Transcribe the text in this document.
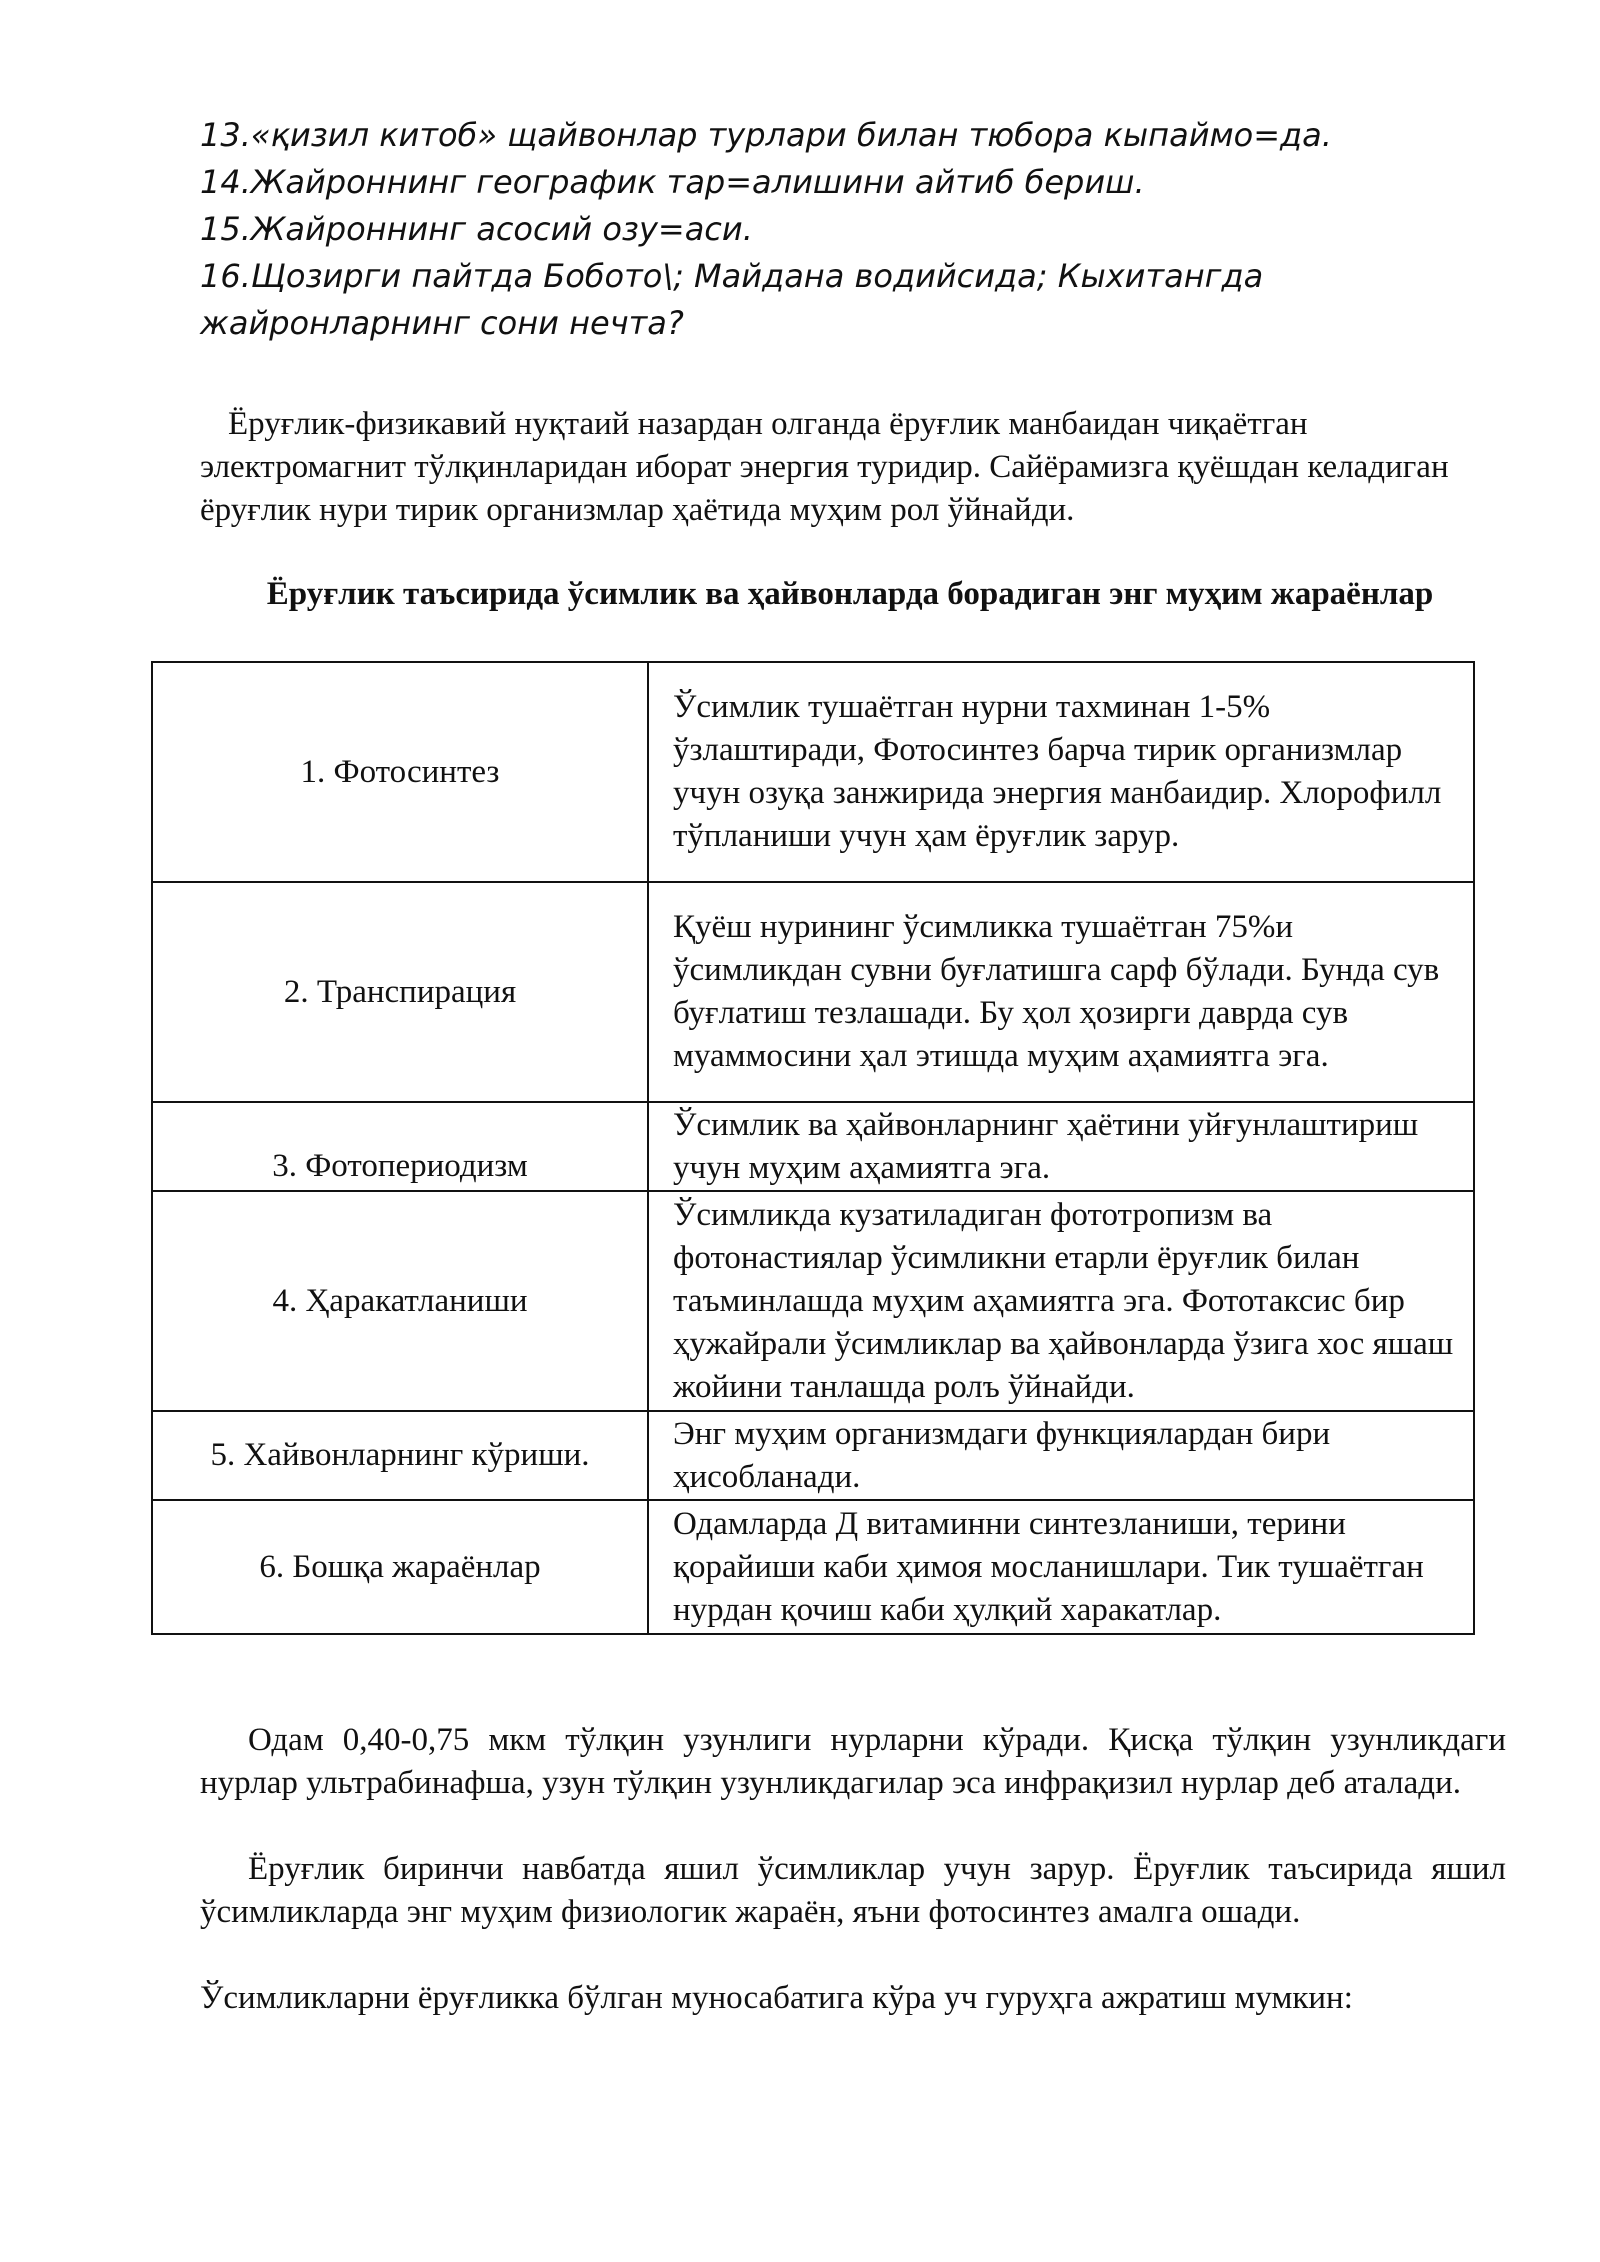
13.«қизил китоб» щайвонлар турлари билан тюбора кыпаймо=да.
14.Жайроннинг географик тар=алишини айтиб бериш.
15.Жайроннинг асосий озу=аси.
16.Щозирги пайтда Бобото\; Майдана водийсида; Кыхитангда жайронларнинг сони нечта?

Ёруғлик-физикавий нуқтаий назардан олганда ёруғлик манбаидан чиқаётган электромагнит тўлқинларидан иборат энергия туридир. Сайёрамизга қуёшдан келадиган ёруғлик нури тирик организмлар ҳаётида муҳим рол ўйнайди.

Ёруғлик таъсирида ўсимлик ва ҳайвонларда борадиган энг муҳим жараёнлар
1. Фотосинтез	Ўсимлик тушаётган нурни тахминан 1-5% ўзлаштиради, Фотосинтез барча тирик организмлар учун озуқа занжирида энергия манбаидир. Хлорофилл тўпланиши учун ҳам ёруғлик зарур.
2. Транспирация	Қуёш нурининг ўсимликка тушаётган 75%и ўсимликдан сувни буғлатишга сарф бўлади. Бунда сув буғлатиш тезлашади. Бу ҳол ҳозирги даврда сув муаммосини ҳал этишда муҳим аҳамиятга эга.
3. Фотопериодизм	Ўсимлик ва ҳайвонларнинг ҳаётини уйғунлаштириш учун муҳим аҳамиятга эга.
4. Ҳаракатланиши	Ўсимликда кузатиладиган фототропизм ва фотонастиялар ўсимликни етарли ёруғлик билан таъминлашда муҳим аҳамиятга эга. Фототаксис бир ҳужайрали ўсимликлар ва ҳайвонларда ўзига хос яшаш жойини танлашда ролъ ўйнайди.
5. Хайвонларнинг кўриши.	Энг муҳим организмдаги функциялардан бири ҳисобланади.
6. Бошқа жараёнлар	Одамларда Д витаминни синтезланиши, терини қорайиши каби ҳимоя мосланишлари. Тик тушаётган нурдан қочиш каби ҳулқий харакатлар.

Одам 0,40-0,75 мкм тўлқин узунлиги нурларни кўради. Қисқа тўлқин узунликдаги нурлар ультрабинафша, узун тўлқин узунликдагилар эса инфрақизил нурлар деб аталади.

Ёруғлик биринчи навбатда яшил ўсимликлар учун зарур. Ёруғлик таъсирида яшил ўсимликларда энг муҳим физиологик жараён, яъни фотосинтез амалга ошади.

Ўсимликларни ёруғликка бўлган муносабатига кўра уч гуруҳга ажратиш мумкин:
